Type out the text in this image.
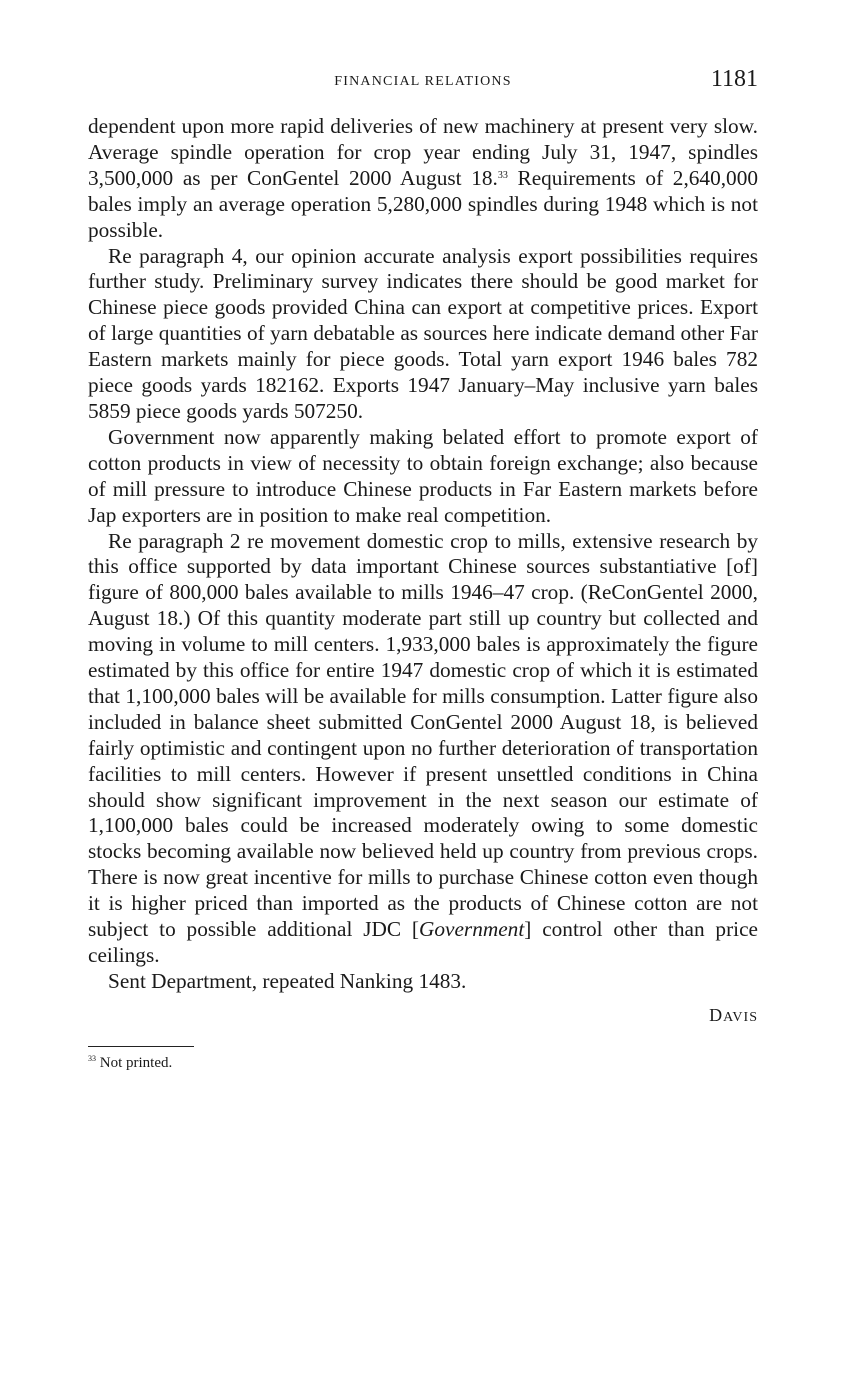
FINANCIAL RELATIONS	1181

dependent upon more rapid deliveries of new machinery at present very slow. Average spindle operation for crop year ending July 31, 1947, spindles 3,500,000 as per ConGentel 2000 August 18.33 Requirements of 2,640,000 bales imply an average operation 5,280,000 spindles during 1948 which is not possible.

Re paragraph 4, our opinion accurate analysis export possibilities requires further study. Preliminary survey indicates there should be good market for Chinese piece goods provided China can export at competitive prices. Export of large quantities of yarn debatable as sources here indicate demand other Far Eastern markets mainly for piece goods. Total yarn export 1946 bales 782 piece goods yards 182162. Exports 1947 January–May inclusive yarn bales 5859 piece goods yards 507250.

Government now apparently making belated effort to promote export of cotton products in view of necessity to obtain foreign exchange; also because of mill pressure to introduce Chinese products in Far Eastern markets before Jap exporters are in position to make real competition.

Re paragraph 2 re movement domestic crop to mills, extensive research by this office supported by data important Chinese sources substantiative [of] figure of 800,000 bales available to mills 1946–47 crop. (ReConGentel 2000, August 18.) Of this quantity moderate part still up country but collected and moving in volume to mill centers. 1,933,000 bales is approximately the figure estimated by this office for entire 1947 domestic crop of which it is estimated that 1,100,000 bales will be available for mills consumption. Latter figure also included in balance sheet submitted ConGentel 2000 August 18, is believed fairly optimistic and contingent upon no further deterioration of transportation facilities to mill centers. However if present unsettled conditions in China should show significant improvement in the next season our estimate of 1,100,000 bales could be increased moderately owing to some domestic stocks becoming available now believed held up country from previous crops. There is now great incentive for mills to purchase Chinese cotton even though it is higher priced than imported as the products of Chinese cotton are not subject to possible additional JDC [Government] control other than price ceilings.

Sent Department, repeated Nanking 1483.

DAVIS
$^{33}$ Not printed.
